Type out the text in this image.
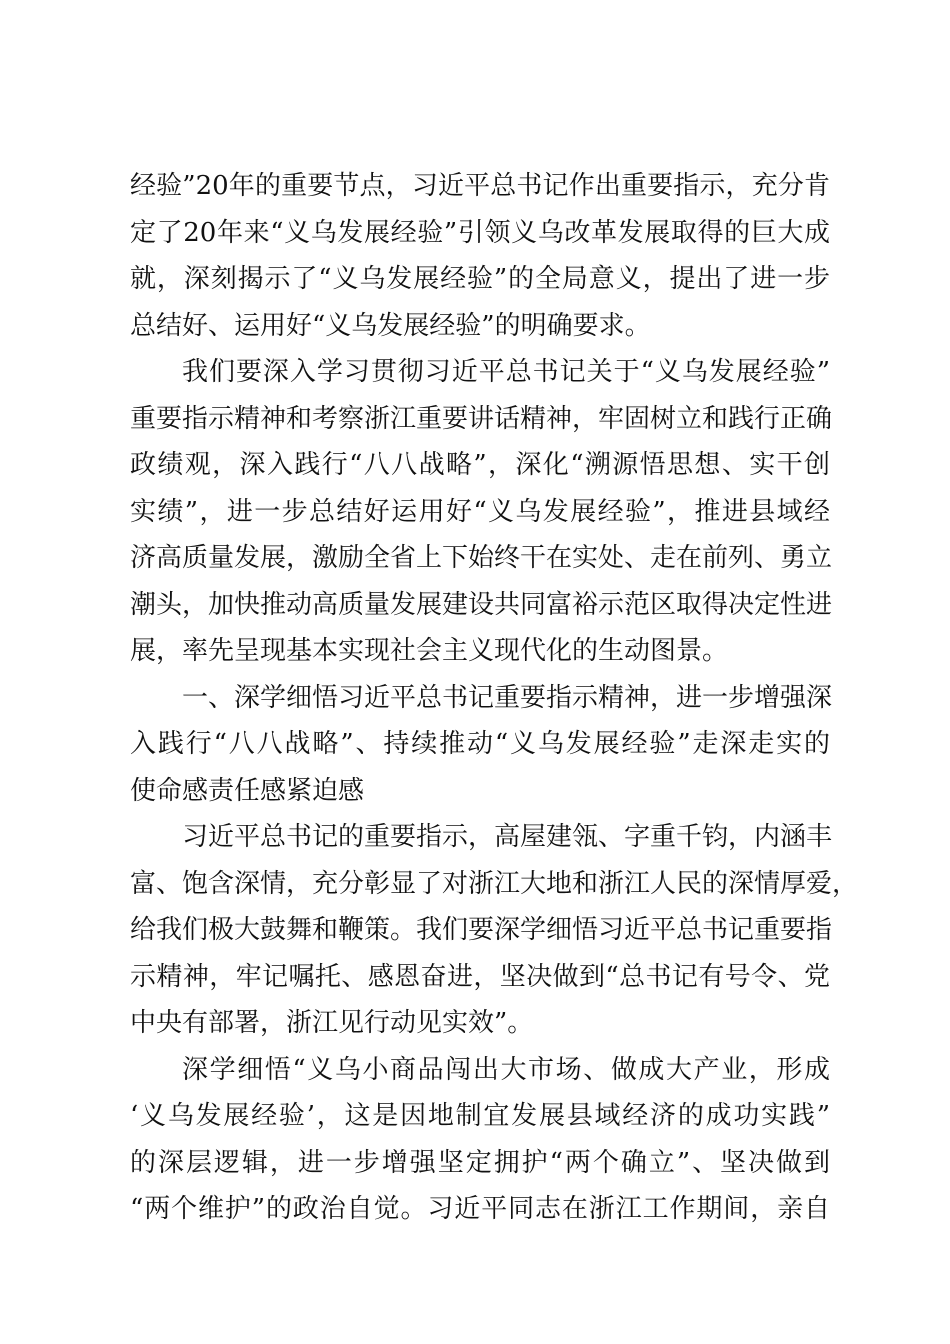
经验”20年的重要节点，习近平总书记作出重要指示，充分肯
定了20年来“义乌发展经验”引领义乌改革发展取得的巨大成
就，深刻揭示了“义乌发展经验”的全局意义，提出了进一步
总结好、运用好“义乌发展经验”的明确要求。
我们要深入学习贯彻习近平总书记关于“义乌发展经验”
重要指示精神和考察浙江重要讲话精神，牢固树立和践行正确
政绩观，深入践行“八八战略”，深化“溯源悟思想、实干创
实绩”，进一步总结好运用好“义乌发展经验”，推进县域经
济高质量发展，激励全省上下始终干在实处、走在前列、勇立
潮头，加快推动高质量发展建设共同富裕示范区取得决定性进
展，率先呈现基本实现社会主义现代化的生动图景。
一、深学细悟习近平总书记重要指示精神，进一步增强深
入践行“八八战略”、持续推动“义乌发展经验”走深走实的
使命感责任感紧迫感
习近平总书记的重要指示，高屋建瓴、字重千钧，内涵丰
富、饱含深情，充分彰显了对浙江大地和浙江人民的深情厚爱，
给我们极大鼓舞和鞭策。我们要深学细悟习近平总书记重要指
示精神，牢记嘱托、感恩奋进，坚决做到“总书记有号令、党
中央有部署，浙江见行动见实效”。
深学细悟“义乌小商品闯出大市场、做成大产业，形成
‘义乌发展经验’，这是因地制宜发展县域经济的成功实践”
的深层逻辑，进一步增强坚定拥护“两个确立”、坚决做到
“两个维护”的政治自觉。习近平同志在浙江工作期间，亲自
